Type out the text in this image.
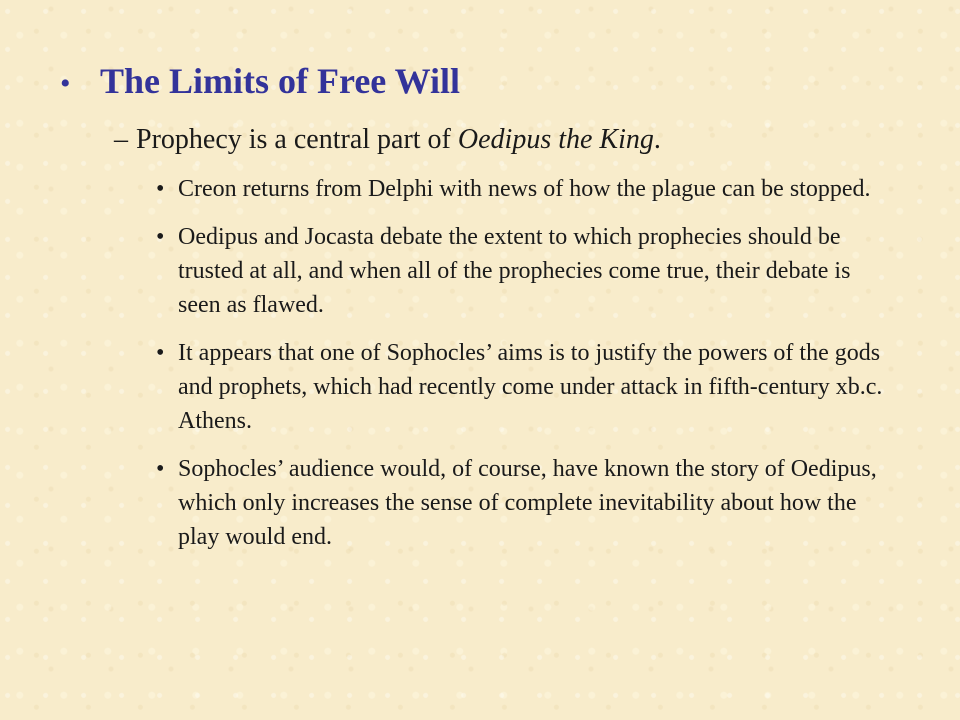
• The Limits of Free Will
– Prophecy is a central part of Oedipus the King.
• Creon returns from Delphi with news of how the plague can be stopped.
• Oedipus and Jocasta debate the extent to which prophecies should be trusted at all, and when all of the prophecies come true, their debate is seen as flawed.
• It appears that one of Sophocles’ aims is to justify the powers of the gods and prophets, which had recently come under attack in fifth-century xb.c. Athens.
• Sophocles’ audience would, of course, have known the story of Oedipus, which only increases the sense of complete inevitability about how the play would end.
